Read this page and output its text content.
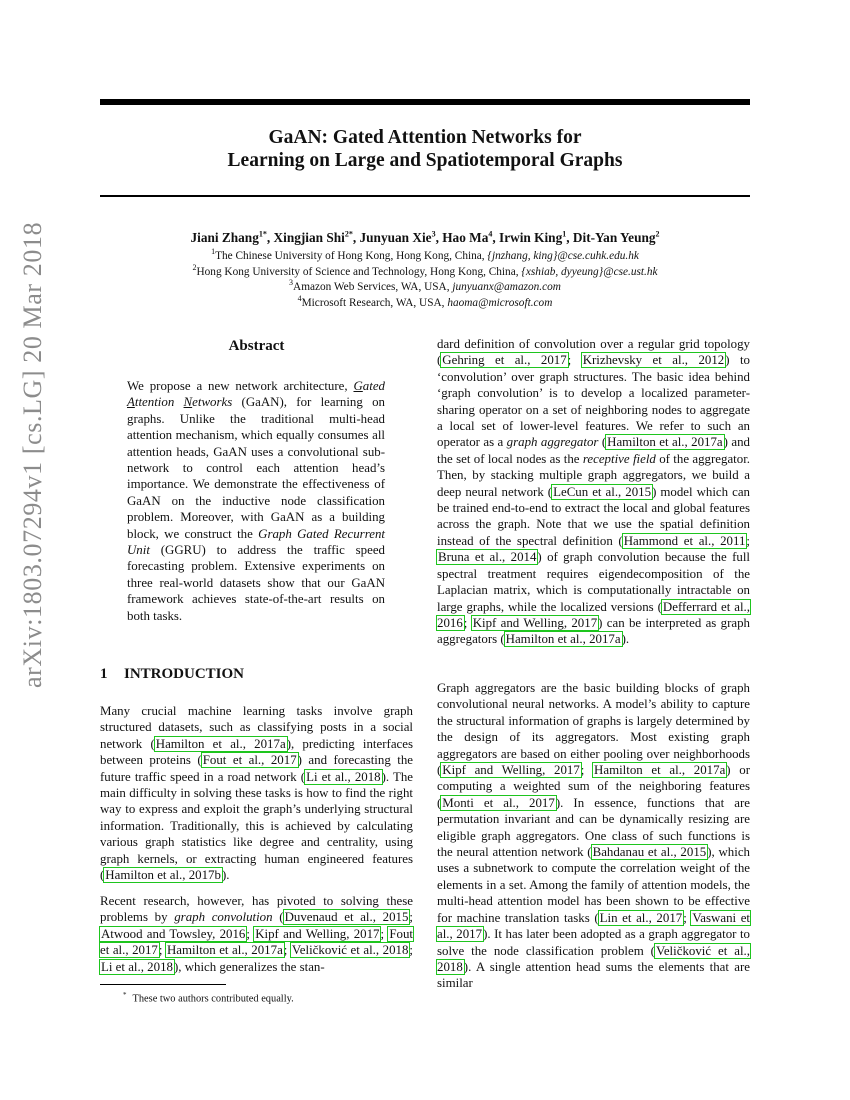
arXiv:1803.07294v1 [cs.LG] 20 Mar 2018
GaAN: Gated Attention Networks for
Learning on Large and Spatiotemporal Graphs
Jiani Zhang$^{1*}$, Xingjian Shi$^{2*}$, Junyuan Xie$^3$, Hao Ma$^4$, Irwin King$^1$, Dit-Yan Yeung$^2$
$^1$The Chinese University of Hong Kong, Hong Kong, China, {jnzhang, king}@cse.cuhk.edu.hk
$^2$Hong Kong University of Science and Technology, Hong Kong, China, {xshiab, dyyeung}@cse.ust.hk
$^3$Amazon Web Services, WA, USA, junyuanx@amazon.com
$^4$Microsoft Research, WA, USA, haoma@microsoft.com
Abstract

We propose a new network architecture, Gated Attention Networks (GaAN), for learning on graphs. Unlike the traditional multi-head attention mechanism, which equally consumes all attention heads, GaAN uses a convolutional sub-network to control each attention head’s importance. We demonstrate the effectiveness of GaAN on the inductive node classification problem. Moreover, with GaAN as a building block, we construct the Graph Gated Recurrent Unit (GGRU) to address the traffic speed forecasting problem. Extensive experiments on three real-world datasets show that our GaAN framework achieves state-of-the-art results on both tasks.

1 INTRODUCTION

Many crucial machine learning tasks involve graph structured datasets, such as classifying posts in a social network (Hamilton et al., 2017a), predicting interfaces between proteins (Fout et al., 2017) and forecasting the future traffic speed in a road network (Li et al., 2018). The main difficulty in solving these tasks is how to find the right way to express and exploit the graph’s underlying structural information. Traditionally, this is achieved by calculating various graph statistics like degree and centrality, using graph kernels, or extracting human engineered features (Hamilton et al., 2017b).

Recent research, however, has pivoted to solving these problems by graph convolution (Duvenaud et al., 2015; Atwood and Towsley, 2016; Kipf and Welling, 2017; Fout et al., 2017; Hamilton et al., 2017a; Veličković et al., 2018; Li et al., 2018), which generalizes the stan-

dard definition of convolution over a regular grid topology (Gehring et al., 2017; Krizhevsky et al., 2012) to ‘convolution’ over graph structures. The basic idea behind ‘graph convolution’ is to develop a localized parameter-sharing operator on a set of neighboring nodes to aggregate a local set of lower-level features. We refer to such an operator as a graph aggregator (Hamilton et al., 2017a) and the set of local nodes as the receptive field of the aggregator. Then, by stacking multiple graph aggregators, we build a deep neural network (LeCun et al., 2015) model which can be trained end-to-end to extract the local and global features across the graph. Note that we use the spatial definition instead of the spectral definition (Hammond et al., 2011; Bruna et al., 2014) of graph convolution because the full spectral treatment requires eigendecomposition of the Laplacian matrix, which is computationally intractable on large graphs, while the localized versions (Defferrard et al., 2016; Kipf and Welling, 2017) can be interpreted as graph aggregators (Hamilton et al., 2017a).

Graph aggregators are the basic building blocks of graph convolutional neural networks. A model’s ability to capture the structural information of graphs is largely determined by the design of its aggregators. Most existing graph aggregators are based on either pooling over neighborhoods (Kipf and Welling, 2017; Hamilton et al., 2017a) or computing a weighted sum of the neighboring features (Monti et al., 2017). In essence, functions that are permutation invariant and can be dynamically resizing are eligible graph aggregators. One class of such functions is the neural attention network (Bahdanau et al., 2015), which uses a subnetwork to compute the correlation weight of the elements in a set. Among the family of attention models, the multi-head attention model has been shown to be effective for machine translation tasks (Lin et al., 2017; Vaswani et al., 2017). It has later been adopted as a graph aggregator to solve the node classification problem (Veličković et al., 2018). A single attention head sums the elements that are similar

* These two authors contributed equally.
